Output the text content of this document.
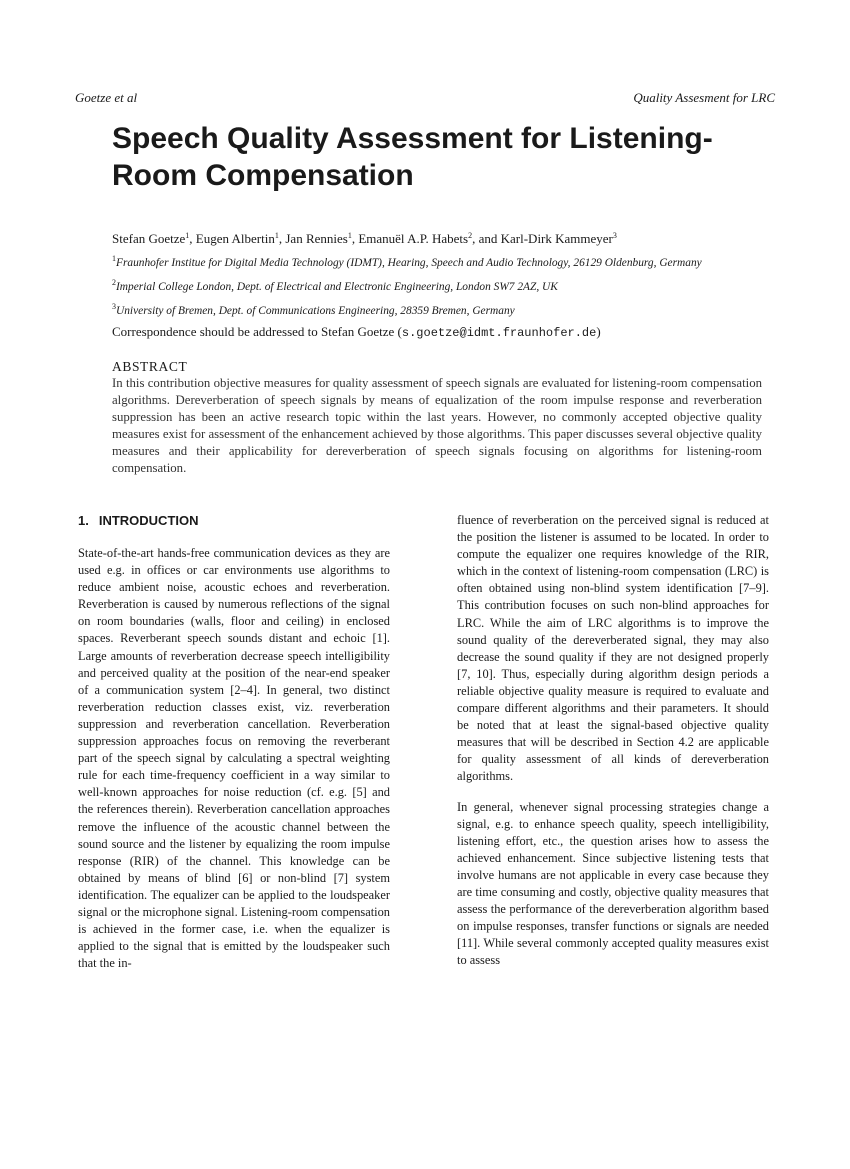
Goetze et al	Quality Assesment for LRC
Speech Quality Assessment for Listening-Room Compensation
Stefan Goetze$^1$, Eugen Albertin$^1$, Jan Rennies$^1$, Emanuël A.P. Habets$^2$, and Karl-Dirk Kammeyer$^3$
$^1$Fraunhofer Institue for Digital Media Technology (IDMT), Hearing, Speech and Audio Technology, 26129 Oldenburg, Germany
$^2$Imperial College London, Dept. of Electrical and Electronic Engineering, London SW7 2AZ, UK
$^3$University of Bremen, Dept. of Communications Engineering, 28359 Bremen, Germany
Correspondence should be addressed to Stefan Goetze (s.goetze@idmt.fraunhofer.de)
ABSTRACT

In this contribution objective measures for quality assessment of speech signals are evaluated for listening-room compensation algorithms. Dereverberation of speech signals by means of equalization of the room impulse response and reverberation suppression has been an active research topic within the last years. However, no commonly accepted objective quality measures exist for assessment of the enhancement achieved by those algorithms. This paper discusses several objective quality measures and their applicability for dereverberation of speech signals focusing on algorithms for listening-room compensation.

1. INTRODUCTION

State-of-the-art hands-free communication devices as they are used e.g. in offices or car environments use algorithms to reduce ambient noise, acoustic echoes and reverberation. Reverberation is caused by numerous reflections of the signal on room boundaries (walls, floor and ceiling) in enclosed spaces. Reverberant speech sounds distant and echoic [1]. Large amounts of reverberation decrease speech intelligibility and perceived quality at the position of the near-end speaker of a communication system [2–4]. In general, two distinct reverberation reduction classes exist, viz. reverberation suppression and reverberation cancellation. Reverberation suppression approaches focus on removing the reverberant part of the speech signal by calculating a spectral weighting rule for each time-frequency coefficient in a way similar to well-known approaches for noise reduction (cf. e.g. [5] and the references therein). Reverberation cancellation approaches remove the influence of the acoustic channel between the sound source and the listener by equalizing the room impulse response (RIR) of the channel. This knowledge can be obtained by means of blind [6] or non-blind [7] system identification. The equalizer can be applied to the loudspeaker signal or the microphone signal. Listening-room compensation is achieved in the former case, i.e. when the equalizer is applied to the signal that is emitted by the loudspeaker such that the in-

fluence of reverberation on the perceived signal is reduced at the position the listener is assumed to be located. In order to compute the equalizer one requires knowledge of the RIR, which in the context of listening-room compensation (LRC) is often obtained using non-blind system identification [7–9]. This contribution focuses on such non-blind approaches for LRC. While the aim of LRC algorithms is to improve the sound quality of the dereverberated signal, they may also decrease the sound quality if they are not designed properly [7, 10]. Thus, especially during algorithm design periods a reliable objective quality measure is required to evaluate and compare different algorithms and their parameters. It should be noted that at least the signal-based objective quality measures that will be described in Section 4.2 are applicable for quality assessment of all kinds of dereverberation algorithms.

In general, whenever signal processing strategies change a signal, e.g. to enhance speech quality, speech intelligibility, listening effort, etc., the question arises how to assess the achieved enhancement. Since subjective listening tests that involve humans are not applicable in every case because they are time consuming and costly, objective quality measures that assess the performance of the dereverberation algorithm based on impulse responses, transfer functions or signals are needed [11]. While several commonly accepted quality measures exist to assess
